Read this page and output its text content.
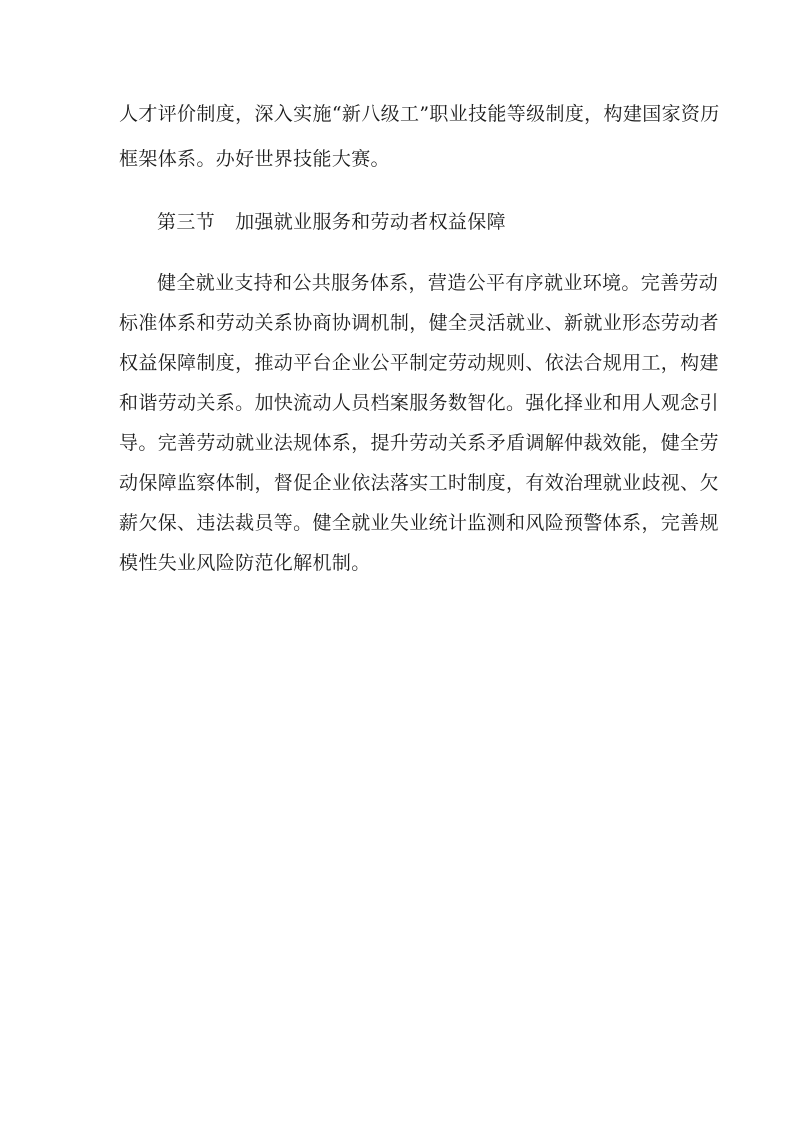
人才评价制度，深入实施“新八级工”职业技能等级制度，构建国家资历
框架体系。办好世界技能大赛。
第三节 加强就业服务和劳动者权益保障
健全就业支持和公共服务体系，营造公平有序就业环境。完善劳动
标准体系和劳动关系协商协调机制，健全灵活就业、新就业形态劳动者
权益保障制度，推动平台企业公平制定劳动规则、依法合规用工，构建
和谐劳动关系。加快流动人员档案服务数智化。强化择业和用人观念引
导。完善劳动就业法规体系，提升劳动关系矛盾调解仲裁效能，健全劳
动保障监察体制，督促企业依法落实工时制度，有效治理就业歧视、欠
薪欠保、违法裁员等。健全就业失业统计监测和风险预警体系，完善规
模性失业风险防范化解机制。
